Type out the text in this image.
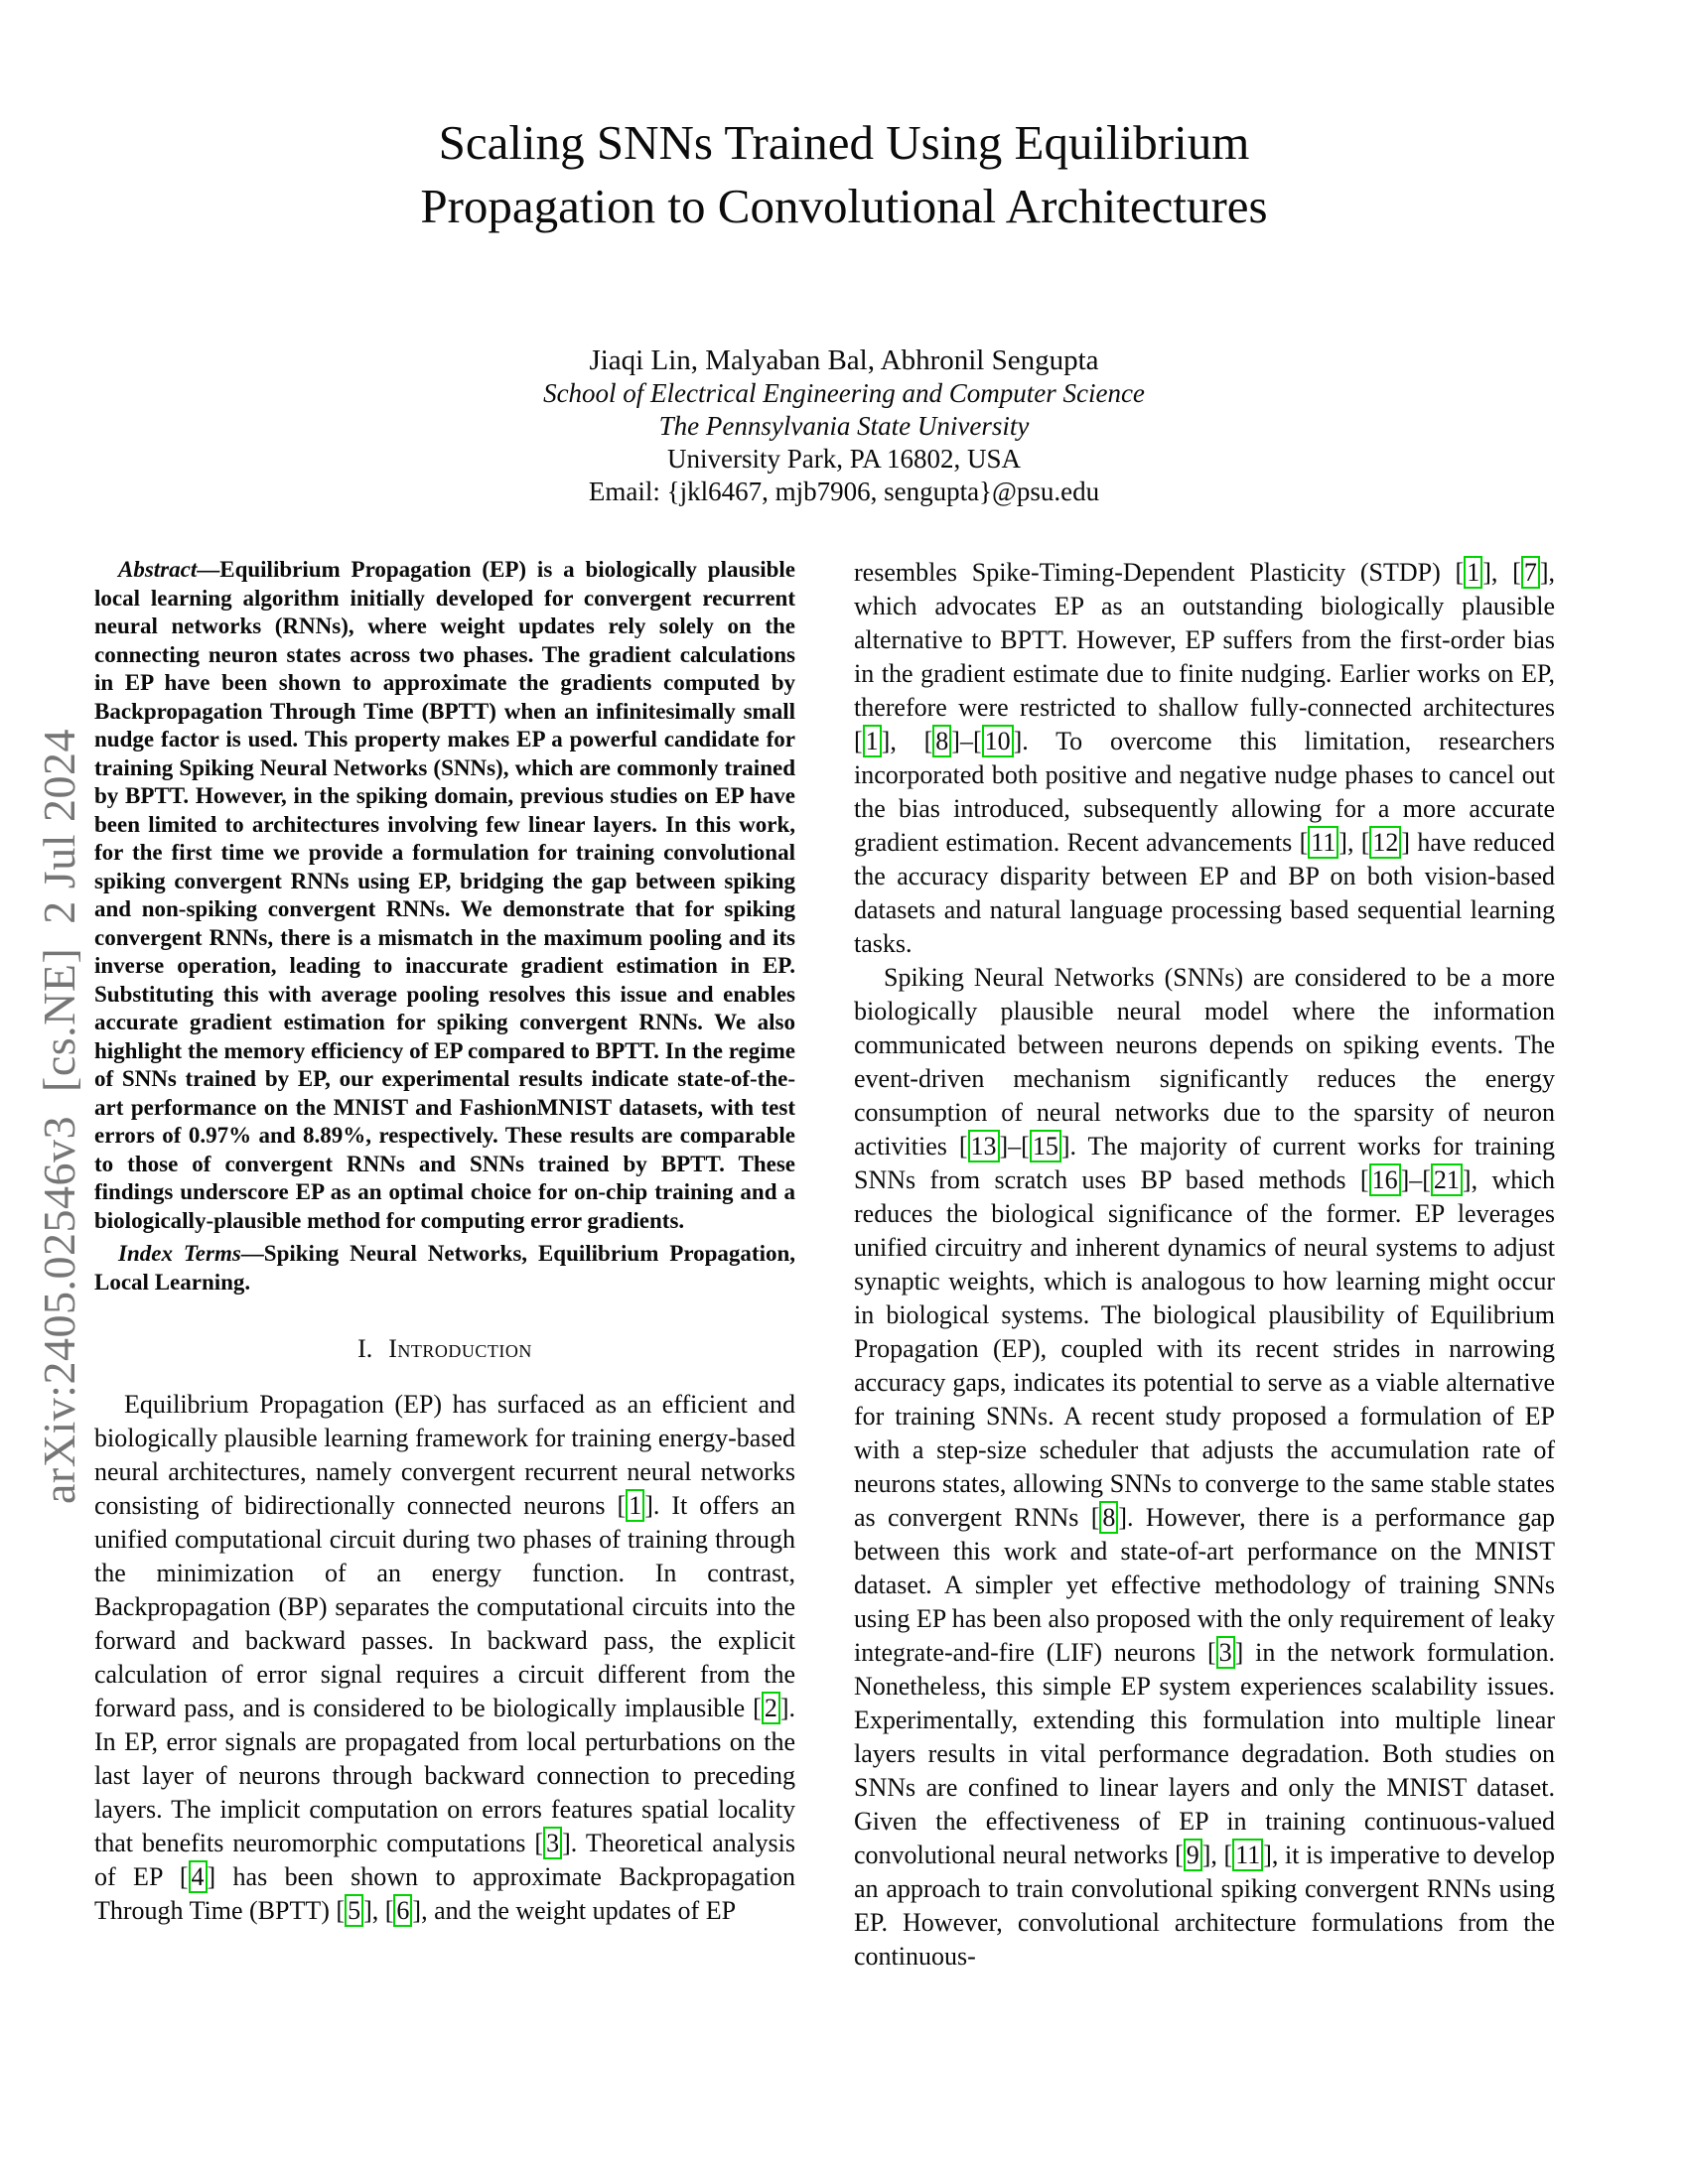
arXiv:2405.02546v3  [cs.NE]  2 Jul 2024
Scaling SNNs Trained Using Equilibrium
Propagation to Convolutional Architectures
Jiaqi Lin, Malyaban Bal, Abhronil Sengupta
School of Electrical Engineering and Computer Science
The Pennsylvania State University
University Park, PA 16802, USA
Email: {jkl6467, mjb7906, sengupta}@psu.edu

Abstract—Equilibrium Propagation (EP) is a biologically plausible local learning algorithm initially developed for convergent recurrent neural networks (RNNs), where weight updates rely solely on the connecting neuron states across two phases. The gradient calculations in EP have been shown to approximate the gradients computed by Backpropagation Through Time (BPTT) when an infinitesimally small nudge factor is used. This property makes EP a powerful candidate for training Spiking Neural Networks (SNNs), which are commonly trained by BPTT. However, in the spiking domain, previous studies on EP have been limited to architectures involving few linear layers. In this work, for the first time we provide a formulation for training convolutional spiking convergent RNNs using EP, bridging the gap between spiking and non-spiking convergent RNNs. We demonstrate that for spiking convergent RNNs, there is a mismatch in the maximum pooling and its inverse operation, leading to inaccurate gradient estimation in EP. Substituting this with average pooling resolves this issue and enables accurate gradient estimation for spiking convergent RNNs. We also highlight the memory efficiency of EP compared to BPTT. In the regime of SNNs trained by EP, our experimental results indicate state-of-the-art performance on the MNIST and FashionMNIST datasets, with test errors of 0.97% and 8.89%, respectively. These results are comparable to those of convergent RNNs and SNNs trained by BPTT. These findings underscore EP as an optimal choice for on-chip training and a biologically-plausible method for computing error gradients.

Index Terms—Spiking Neural Networks, Equilibrium Propagation, Local Learning.

I. Introduction

Equilibrium Propagation (EP) has surfaced as an efficient and biologically plausible learning framework for training energy-based neural architectures, namely convergent recurrent neural networks consisting of bidirectionally connected neurons [ 1 ]. It offers an unified computational circuit during two phases of training through the minimization of an energy function. In contrast, Backpropagation (BP) separates the computational circuits into the forward and backward passes. In backward pass, the explicit calculation of error signal requires a circuit different from the forward pass, and is considered to be biologically implausible [ 2 ]. In EP, error signals are propagated from local perturbations on the last layer of neurons through backward connection to preceding layers. The implicit computation on errors features spatial locality that benefits neuromorphic computations [ 3 ]. Theoretical analysis of EP [ 4 ] has been shown to approximate Backpropagation Through Time (BPTT) [ 5 ], [ 6 ], and the weight updates of EP

resembles Spike-Timing-Dependent Plasticity (STDP) [ 1 ], [ 7 ], which advocates EP as an outstanding biologically plausible alternative to BPTT. However, EP suffers from the first-order bias in the gradient estimate due to finite nudging. Earlier works on EP, therefore were restricted to shallow fully-connected architectures [ 1 ], [ 8 ]–[ 10 ]. To overcome this limitation, researchers incorporated both positive and negative nudge phases to cancel out the bias introduced, subsequently allowing for a more accurate gradient estimation. Recent advancements [ 11 ], [ 12 ] have reduced the accuracy disparity between EP and BP on both vision-based datasets and natural language processing based sequential learning tasks.

Spiking Neural Networks (SNNs) are considered to be a more biologically plausible neural model where the information communicated between neurons depends on spiking events. The event-driven mechanism significantly reduces the energy consumption of neural networks due to the sparsity of neuron activities [ 13 ]–[ 15 ]. The majority of current works for training SNNs from scratch uses BP based methods [ 16 ]–[ 21 ], which reduces the biological significance of the former. EP leverages unified circuitry and inherent dynamics of neural systems to adjust synaptic weights, which is analogous to how learning might occur in biological systems. The biological plausibility of Equilibrium Propagation (EP), coupled with its recent strides in narrowing accuracy gaps, indicates its potential to serve as a viable alternative for training SNNs. A recent study proposed a formulation of EP with a step-size scheduler that adjusts the accumulation rate of neurons states, allowing SNNs to converge to the same stable states as convergent RNNs [ 8 ]. However, there is a performance gap between this work and state-of-art performance on the MNIST dataset. A simpler yet effective methodology of training SNNs using EP has been also proposed with the only requirement of leaky integrate-and-fire (LIF) neurons [ 3 ] in the network formulation. Nonetheless, this simple EP system experiences scalability issues. Experimentally, extending this formulation into multiple linear layers results in vital performance degradation. Both studies on SNNs are confined to linear layers and only the MNIST dataset. Given the effectiveness of EP in training continuous-valued convolutional neural networks [ 9 ], [ 11 ], it is imperative to develop an approach to train convolutional spiking convergent RNNs using EP. However, convolutional architecture formulations from the continuous-
